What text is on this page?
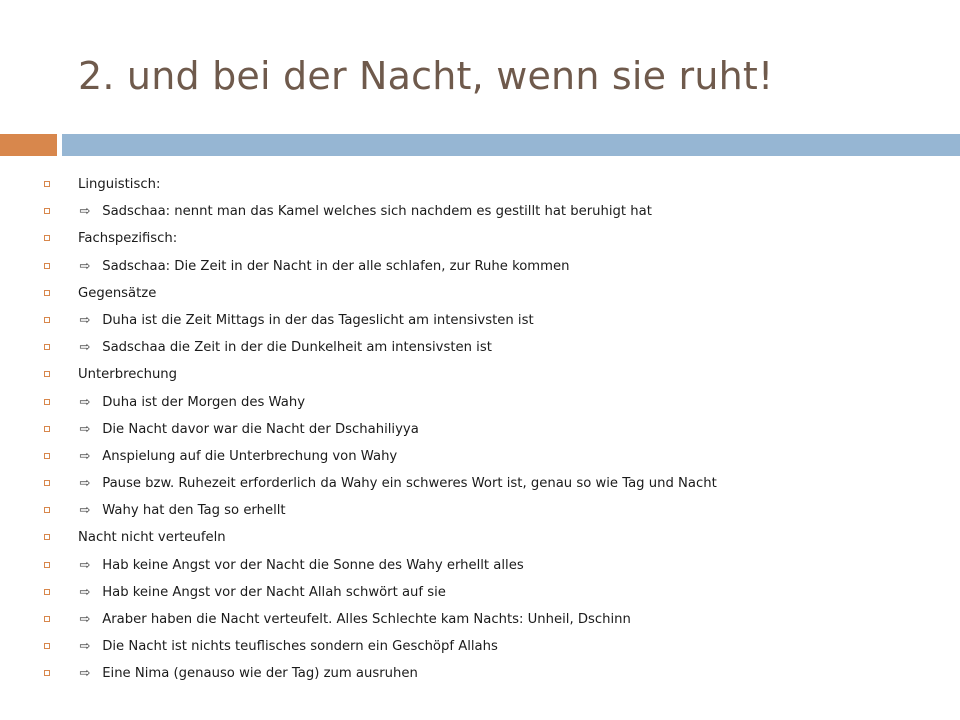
2. und bei der Nacht, wenn sie ruht!
Linguistisch:
⇨ Sadschaa: nennt man das Kamel welches sich nachdem es gestillt hat beruhigt hat
Fachspezifisch:
⇨ Sadschaa: Die Zeit in der Nacht in der alle schlafen, zur Ruhe kommen
Gegensätze
⇨ Duha ist die Zeit Mittags in der das Tageslicht am intensivsten ist
⇨ Sadschaa die Zeit in der die Dunkelheit am intensivsten ist
Unterbrechung
⇨ Duha ist der Morgen des Wahy
⇨ Die Nacht davor war die Nacht der Dschahiliyya
⇨ Anspielung auf die Unterbrechung von Wahy
⇨ Pause bzw. Ruhezeit erforderlich da Wahy ein schweres Wort ist, genau so wie Tag und Nacht
⇨ Wahy hat den Tag so erhellt
Nacht nicht verteufeln
⇨ Hab keine Angst vor der Nacht die Sonne des Wahy erhellt alles
⇨ Hab keine Angst vor der Nacht Allah schwört auf sie
⇨ Araber haben die Nacht verteufelt. Alles Schlechte kam Nachts: Unheil, Dschinn
⇨ Die Nacht ist nichts teuflisches sondern ein Geschöpf Allahs
⇨ Eine Nima (genauso wie der Tag) zum ausruhen
